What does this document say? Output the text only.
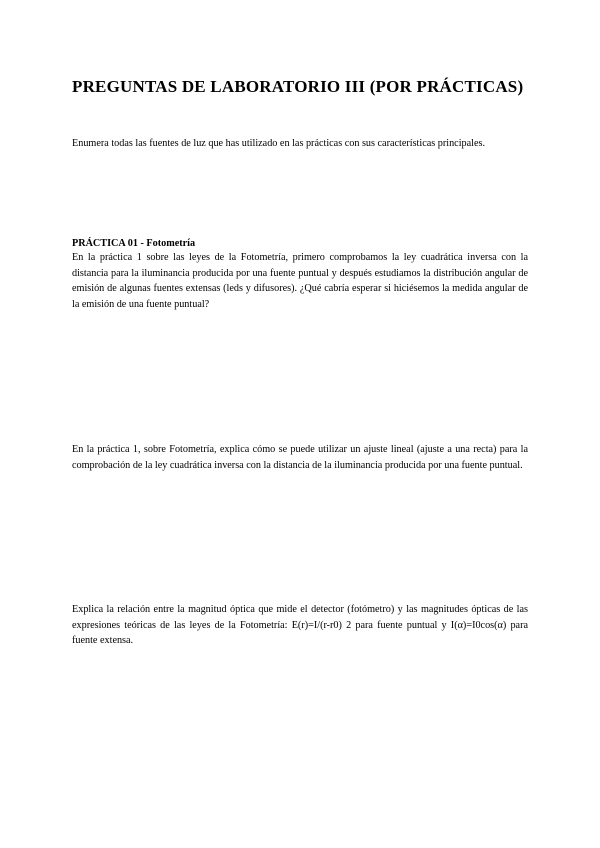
PREGUNTAS DE LABORATORIO III (POR PRÁCTICAS)

Enumera todas las fuentes de luz que has utilizado en las prácticas con sus características principales.

PRÁCTICA 01 - Fotometría

En la práctica 1 sobre las leyes de la Fotometría, primero comprobamos la ley cuadrática inversa con la distancia para la iluminancia producida por una fuente puntual y después estudiamos la distribución angular de emisión de algunas fuentes extensas (leds y difusores). ¿Qué cabría esperar si hiciésemos la medida angular de la emisión de una fuente puntual?

En la práctica 1, sobre Fotometría, explica cómo se puede utilizar un ajuste lineal (ajuste a una recta) para la comprobación de la ley cuadrática inversa con la distancia de la iluminancia producida por una fuente puntual.

Explica la relación entre la magnitud óptica que mide el detector (fotómetro) y las magnitudes ópticas de las expresiones teóricas de las leyes de la Fotometría: E(r)=I/(r-r0) 2 para fuente puntual y I(α)=I0cos(α) para fuente extensa.
